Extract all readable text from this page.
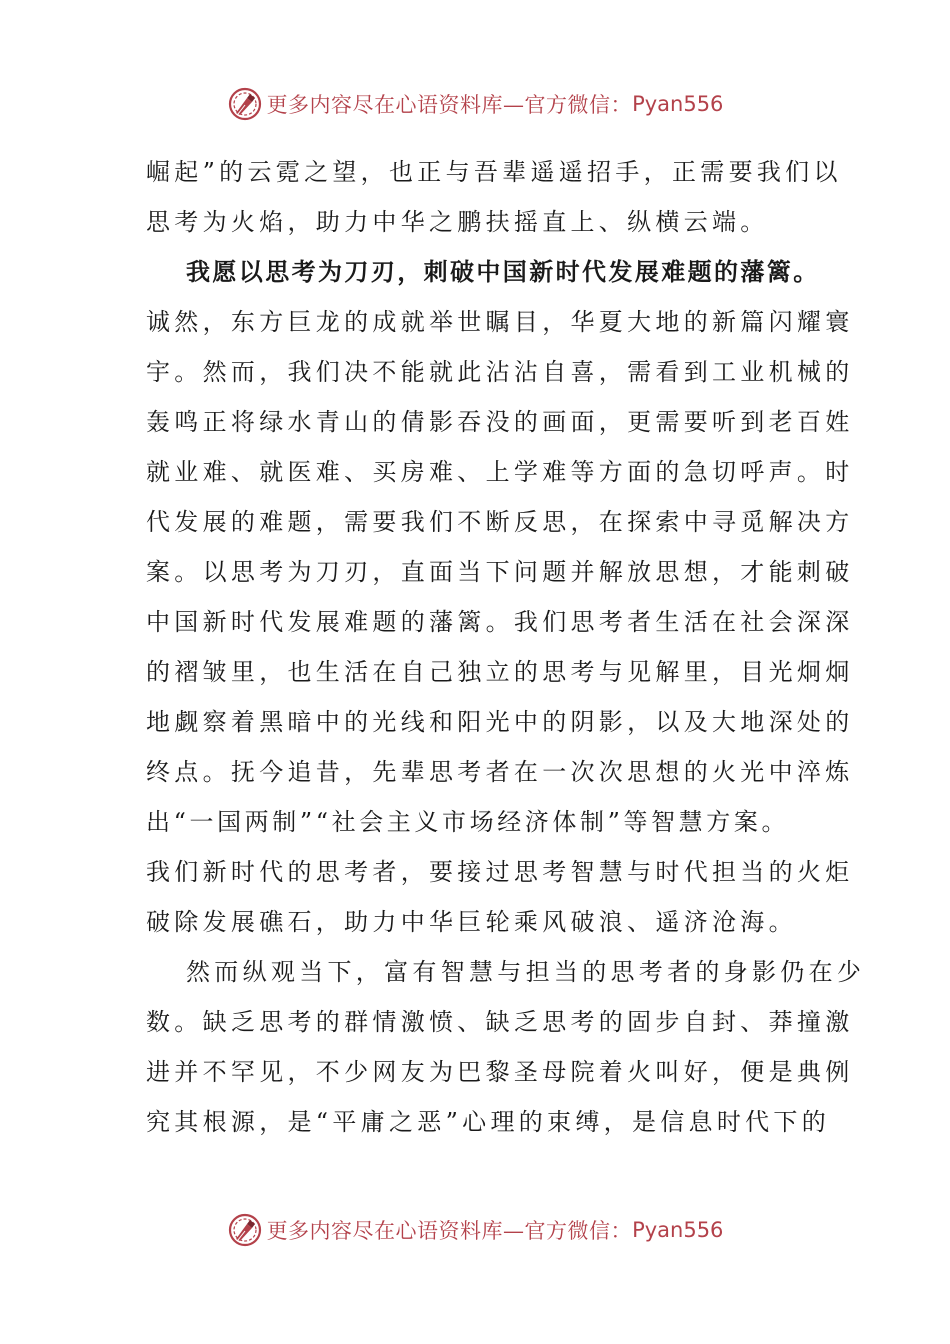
更多内容尽在心语资料库—官方微信： Pyan556
崛起”的云霓之望，也正与吾辈遥遥招手，正需要我们以
思考为火焰，助力中华之鹏扶摇直上、纵横云端。
我愿以思考为刀刃，刺破中国新时代发展难题的藩篱。
诚然，东方巨龙的成就举世瞩目，华夏大地的新篇闪耀寰
宇。然而，我们决不能就此沾沾自喜，需看到工业机械的
轰鸣正将绿水青山的倩影吞没的画面，更需要听到老百姓
就业难、就医难、买房难、上学难等方面的急切呼声。时
代发展的难题，需要我们不断反思，在探索中寻觅解决方
案。以思考为刀刃，直面当下问题并解放思想，才能刺破
中国新时代发展难题的藩篱。我们思考者生活在社会深深
的褶皱里，也生活在自己独立的思考与见解里，目光炯炯
地觑察着黑暗中的光线和阳光中的阴影，以及大地深处的
终点。抚今追昔，先辈思考者在一次次思想的火光中淬炼
出“一国两制”“社会主义市场经济体制”等智慧方案。
我们新时代的思考者，要接过思考智慧与时代担当的火炬
破除发展礁石，助力中华巨轮乘风破浪、遥济沧海。
然而纵观当下，富有智慧与担当的思考者的身影仍在少
数。缺乏思考的群情激愤、缺乏思考的固步自封、莽撞激
进并不罕见，不少网友为巴黎圣母院着火叫好，便是典例
究其根源，是“平庸之恶”心理的束缚，是信息时代下的
更多内容尽在心语资料库—官方微信： Pyan556
